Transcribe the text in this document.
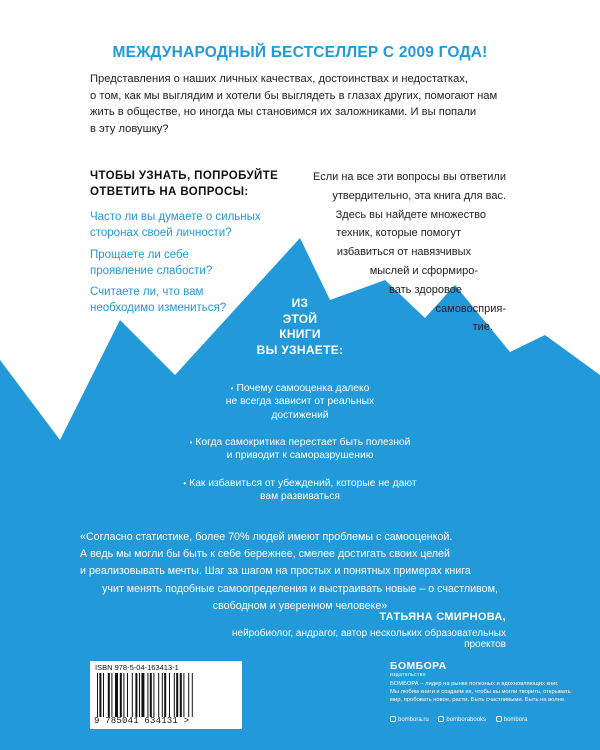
МЕЖДУНАРОДНЫЙ БЕСТСЕЛЛЕР С 2009 ГОДА!
Представления о наших личных качествах, достоинствах и недостатках,
о том, как мы выглядим и хотели бы выглядеть в глазах других, помогают нам
жить в обществе, но иногда мы становимся их заложниками. И вы попали
в эту ловушку?
ЧТОБЫ УЗНАТЬ, ПОПРОБУЙТЕ
ОТВЕТИТЬ НА ВОПРОСЫ:
Часто ли вы думаете о сильных
сторонах своей личности?
Прощаете ли себе
проявление слабости?
Считаете ли, что вам
необходимо измениться?
Если на все эти вопросы вы ответили
утвердительно, эта книга для вас.
Здесь вы найдете множество
техник, которые помогут
избавиться от навязчивых
мыслей и сформиро-
вать здоровое
самовосприя-
тие.
ИЗ
ЭТОЙ
КНИГИ

ВЫ УЗНАЕТЕ:
• Почему самооценка далеко
не всегда зависит от реальных
достижений
• Когда самокритика перестает быть полезной
и приводит к саморазрушению
• Как избавиться от убеждений, которые не дают
вам развиваться
«Согласно статистике, более 70% людей имеют проблемы с самооценкой.
А ведь мы могли бы быть к себе бережнее, смелее достигать своих целей
и реализовывать мечты. Шаг за шагом на простых и понятных примерах книга
учит менять подобные самоопределения и выстраивать новые – о счастливом,
свободном и уверенном человеке»
ТАТЬЯНА СМИРНОВА,
нейробиолог, андрагог, автор нескольких образовательных проектов
ISBN 978-5-04-163413-1
9 785041 634131 >
БОМБОРА
издательство
БОМБОРА – лидер на рынке полезных и вдохновляющих книг.
Мы любим книги и создаем их, чтобы вы могли творить, открывать
мир, пробовать новое, расти. Быть счастливыми. Быть на волне.
bombora.ru	bomborabooks	bombora
